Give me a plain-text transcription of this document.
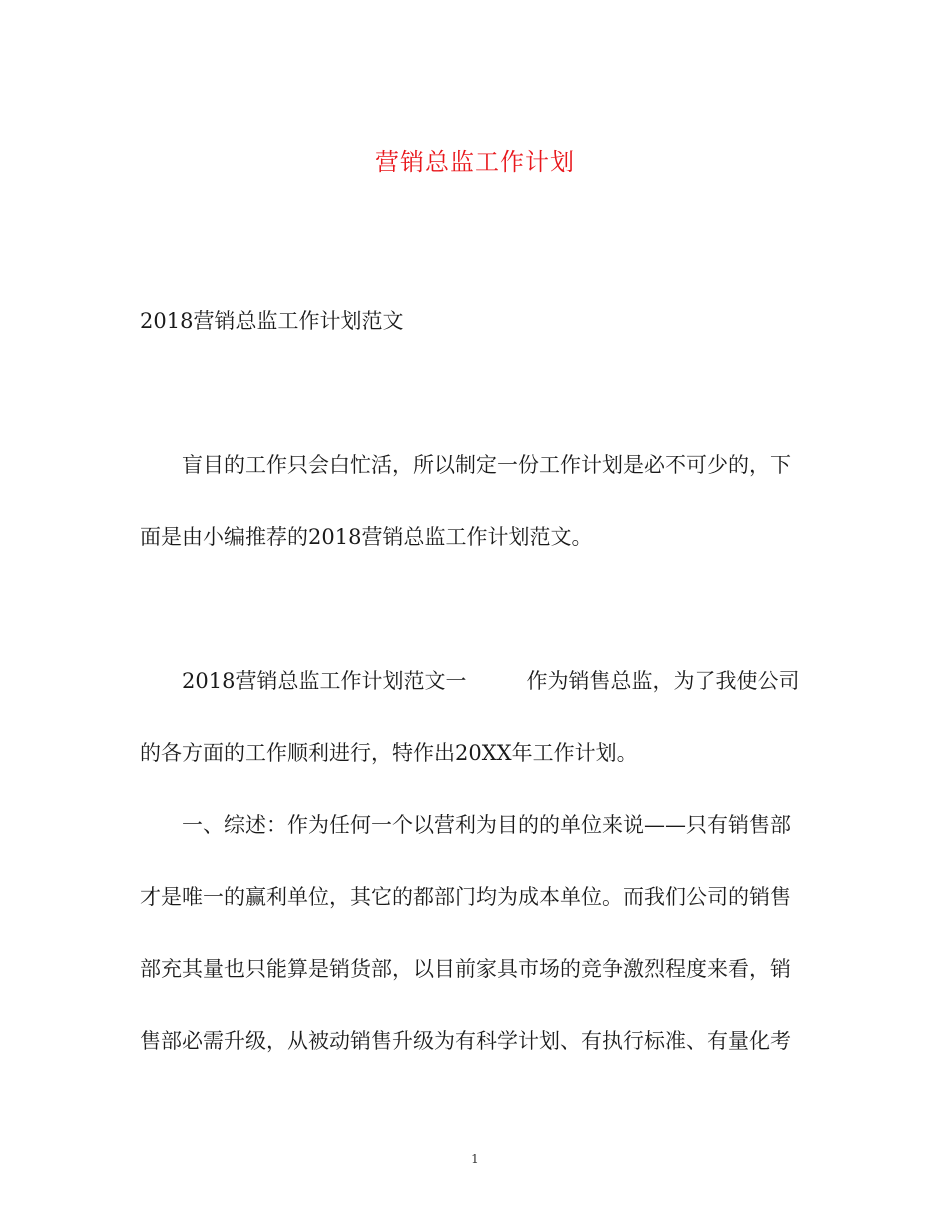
营销总监工作计划
2018营销总监工作计划范文
盲目的工作只会白忙活，所以制定一份工作计划是必不可少的，下
面是由小编推荐的2018营销总监工作计划范文。
2018营销总监工作计划范文一	作为销售总监，为了我使公司
的各方面的工作顺利进行，特作出20XX年工作计划。
一、综述：作为任何一个以营利为目的的单位来说——只有销售部
才是唯一的赢利单位，其它的都部门均为成本单位。而我们公司的销售
部充其量也只能算是销货部，以目前家具市场的竞争激烈程度来看，销
售部必需升级，从被动销售升级为有科学计划、有执行标准、有量化考
1
